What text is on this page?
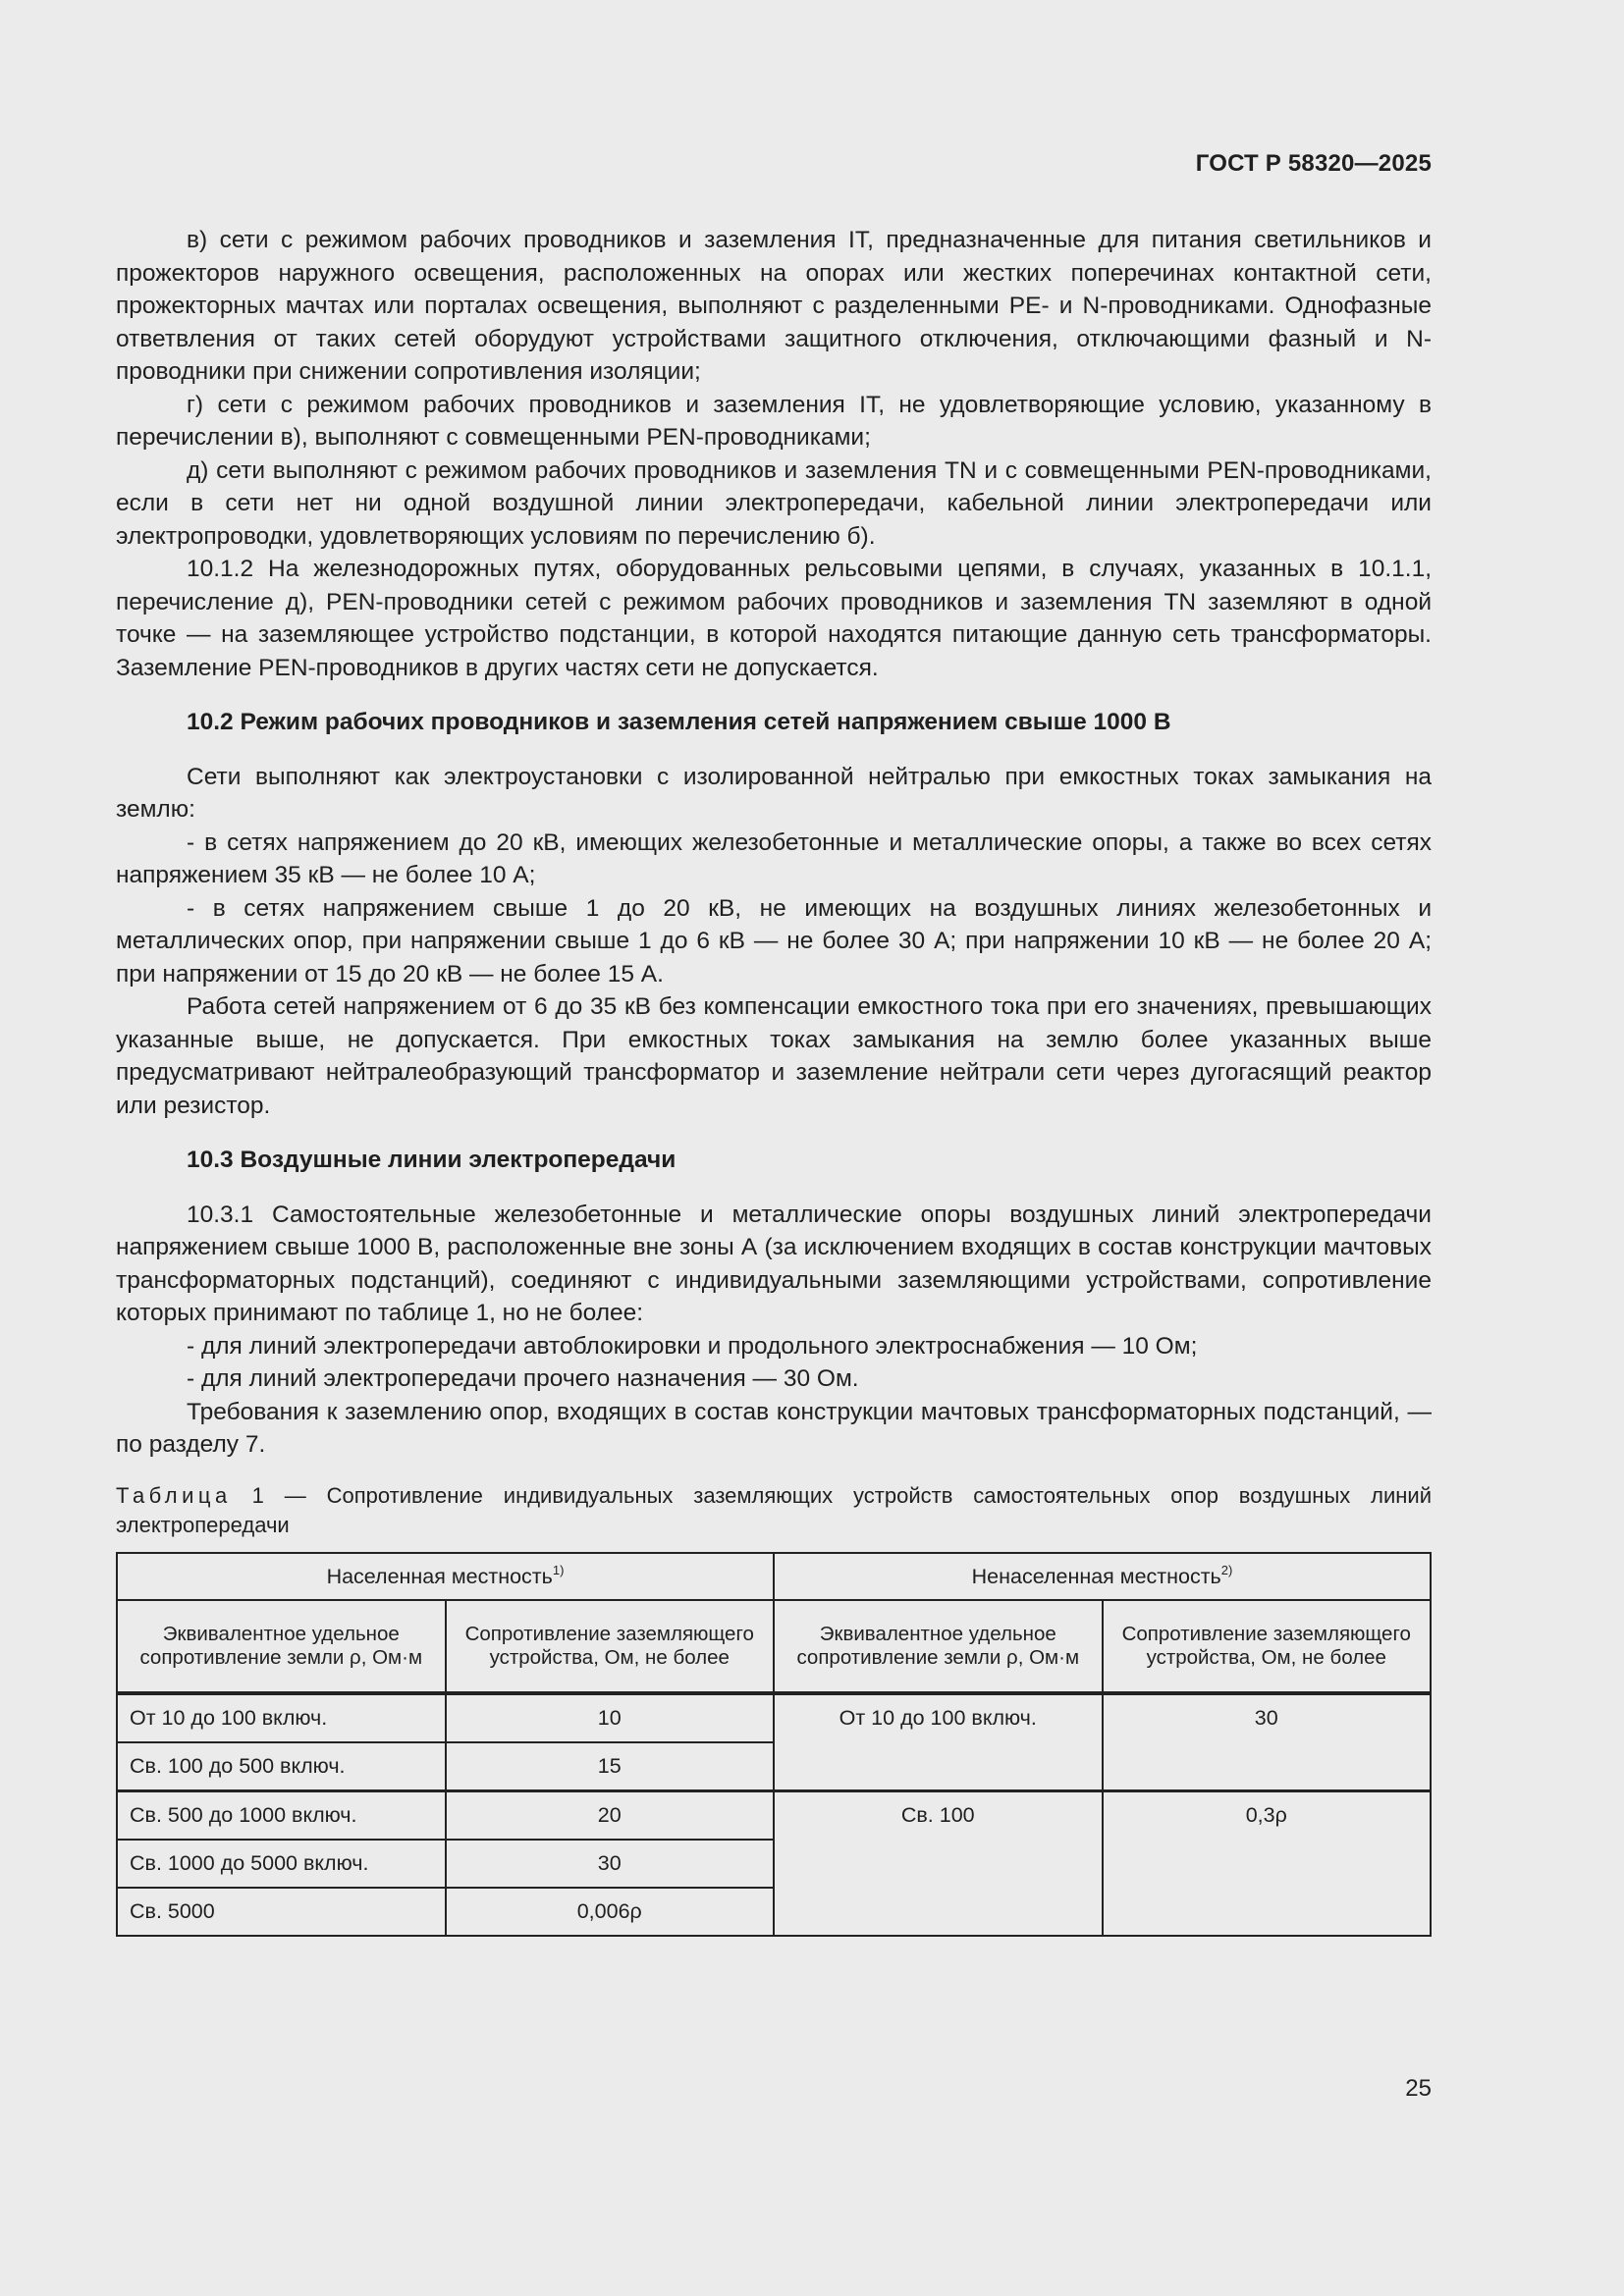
ГОСТ Р 58320—2025

в) сети с режимом рабочих проводников и заземления IT, предназначенные для питания светильников и прожекторов наружного освещения, расположенных на опорах или жестких поперечинах контактной сети, прожекторных мачтах или порталах освещения, выполняют с разделенными PE- и N-проводниками. Однофазные ответвления от таких сетей оборудуют устройствами защитного отключения, отключающими фазный и N-проводники при снижении сопротивления изоляции;

г) сети с режимом рабочих проводников и заземления IT, не удовлетворяющие условию, указанному в перечислении в), выполняют с совмещенными PEN-проводниками;

д) сети выполняют с режимом рабочих проводников и заземления TN и с совмещенными PEN-проводниками, если в сети нет ни одной воздушной линии электропередачи, кабельной линии электропередачи или электропроводки, удовлетворяющих условиям по перечислению б).

10.1.2 На железнодорожных путях, оборудованных рельсовыми цепями, в случаях, указанных в 10.1.1, перечисление д), PEN-проводники сетей с режимом рабочих проводников и заземления TN заземляют в одной точке — на заземляющее устройство подстанции, в которой находятся питающие данную сеть трансформаторы. Заземление PEN-проводников в других частях сети не допускается.

10.2 Режим рабочих проводников и заземления сетей напряжением свыше 1000 В

Сети выполняют как электроустановки с изолированной нейтралью при емкостных токах замыкания на землю:

- в сетях напряжением до 20 кВ, имеющих железобетонные и металлические опоры, а также во всех сетях напряжением 35 кВ — не более 10 А;

- в сетях напряжением свыше 1 до 20 кВ, не имеющих на воздушных линиях железобетонных и металлических опор, при напряжении свыше 1 до 6 кВ — не более 30 А; при напряжении 10 кВ — не более 20 А; при напряжении от 15 до 20 кВ — не более 15 А.

Работа сетей напряжением от 6 до 35 кВ без компенсации емкостного тока при его значениях, превышающих указанные выше, не допускается. При емкостных токах замыкания на землю более указанных выше предусматривают нейтралеобразующий трансформатор и заземление нейтрали сети через дугогасящий реактор или резистор.

10.3 Воздушные линии электропередачи

10.3.1 Самостоятельные железобетонные и металлические опоры воздушных линий электропередачи напряжением свыше 1000 В, расположенные вне зоны А (за исключением входящих в состав конструкции мачтовых трансформаторных подстанций), соединяют с индивидуальными заземляющими устройствами, сопротивление которых принимают по таблице 1, но не более:

- для линий электропередачи автоблокировки и продольного электроснабжения — 10 Ом;

- для линий электропередачи прочего назначения — 30 Ом.

Требования к заземлению опор, входящих в состав конструкции мачтовых трансформаторных подстанций, — по разделу 7.

Таблица 1 — Сопротивление индивидуальных заземляющих устройств самостоятельных опор воздушных линий электропередачи
Населенная местность$^{1)}$		Ненаселенная местность$^{2)}$
Эквивалентное удельное сопротивление земли ρ, Ом·м	Сопротивление заземляющего устройства, Ом, не более	Эквивалентное удельное сопротивление земли ρ, Ом·м	Сопротивление заземляющего устройства, Ом, не более
От 10 до 100 включ.	10	От 10 до 100 включ.	30
Св. 100 до 500 включ.	15		
Св. 500 до 1000 включ.	20	Св. 100	0,3ρ
Св. 1000 до 5000 включ.	30		
Св. 5000	0,006ρ		
25
